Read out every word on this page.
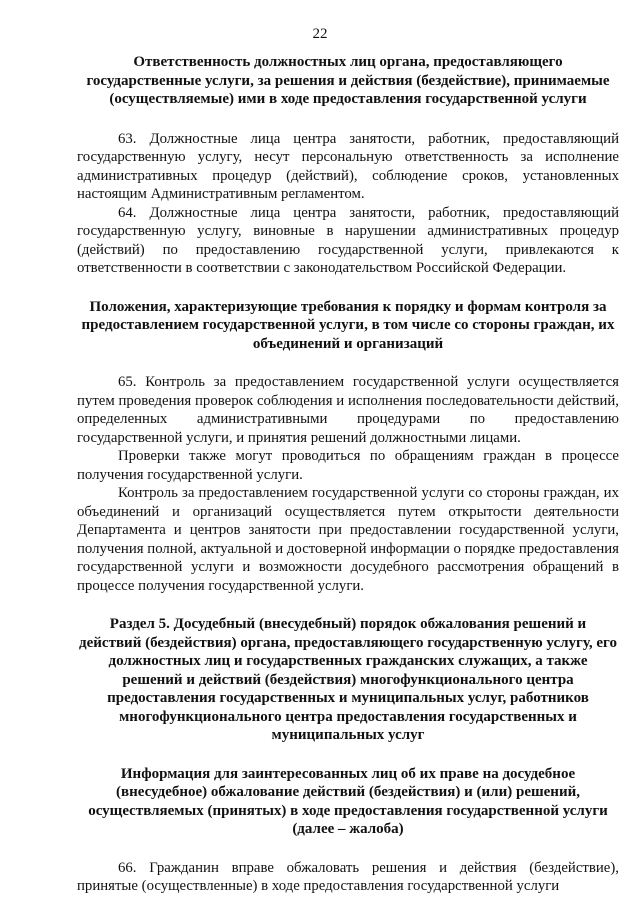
22

Ответственность должностных лиц органа, предоставляющего государственные услуги, за решения и действия (бездействие), принимаемые (осуществляемые) ими в ходе предоставления государственной услуги

63. Должностные лица центра занятости, работник, предоставляющий государственную услугу, несут персональную ответственность за исполнение административных процедур (действий), соблюдение сроков, установленных настоящим Административным регламентом.

64. Должностные лица центра занятости, работник, предоставляющий государственную услугу, виновные в нарушении административных процедур (действий) по предоставлению государственной услуги, привлекаются к ответственности в соответствии с законодательством Российской Федерации.

Положения, характеризующие требования к порядку и формам контроля за предоставлением государственной услуги, в том числе со стороны граждан, их объединений и организаций

65. Контроль за предоставлением государственной услуги осуществляется путем проведения проверок соблюдения и исполнения последовательности действий, определенных административными процедурами по предоставлению государственной услуги, и принятия решений должностными лицами.

Проверки также могут проводиться по обращениям граждан в процессе получения государственной услуги.

Контроль за предоставлением государственной услуги со стороны граждан, их объединений и организаций осуществляется путем открытости деятельности Департамента и центров занятости при предоставлении государственной услуги, получения полной, актуальной и достоверной информации о порядке предоставления государственной услуги и возможности досудебного рассмотрения обращений в процессе получения государственной услуги.

Раздел 5. Досудебный (внесудебный) порядок обжалования решений и действий (бездействия) органа, предоставляющего государственную услугу, его должностных лиц и государственных гражданских служащих, а также решений и действий (бездействия) многофункционального центра предоставления государственных и муниципальных услуг, работников многофункционального центра предоставления государственных и муниципальных услуг

Информация для заинтересованных лиц об их праве на досудебное (внесудебное) обжалование действий (бездействия) и (или) решений, осуществляемых (принятых) в ходе предоставления государственной услуги (далее – жалоба)

66. Гражданин вправе обжаловать решения и действия (бездействие), принятые (осуществленные) в ходе предоставления государственной услуги
